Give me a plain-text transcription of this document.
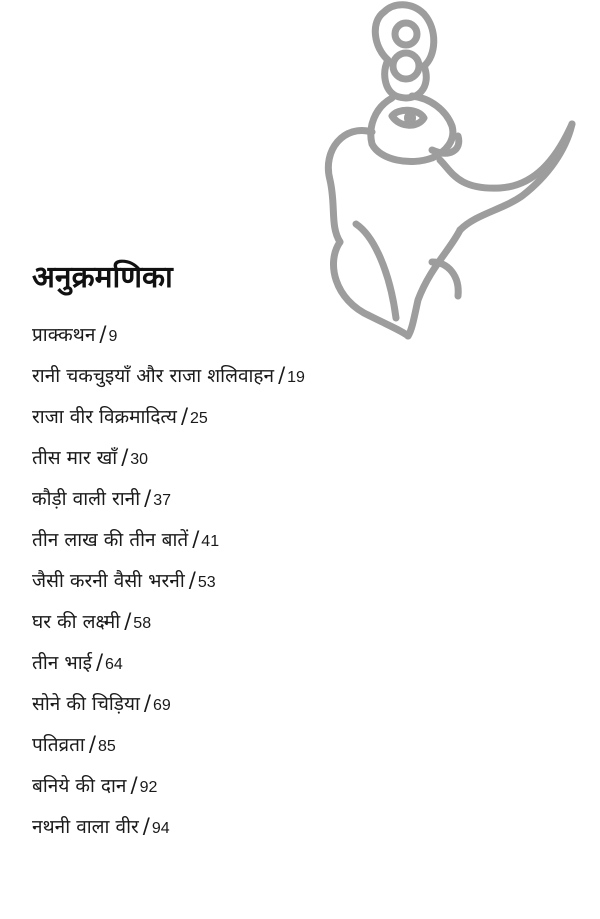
अनुक्रमणिका
प्राक्कथन / 9
रानी चकचुइयाँ और राजा शलिवाहन / 19
राजा वीर विक्रमादित्य / 25
तीस मार खाँ / 30
कौड़ी वाली रानी / 37
तीन लाख की तीन बातें / 41
जैसी करनी वैसी भरनी / 53
घर की लक्ष्मी / 58
तीन भाई / 64
सोने की चिड़िया / 69
पतिव्रता / 85
बनिये की दान / 92
नथनी वाला वीर / 94
